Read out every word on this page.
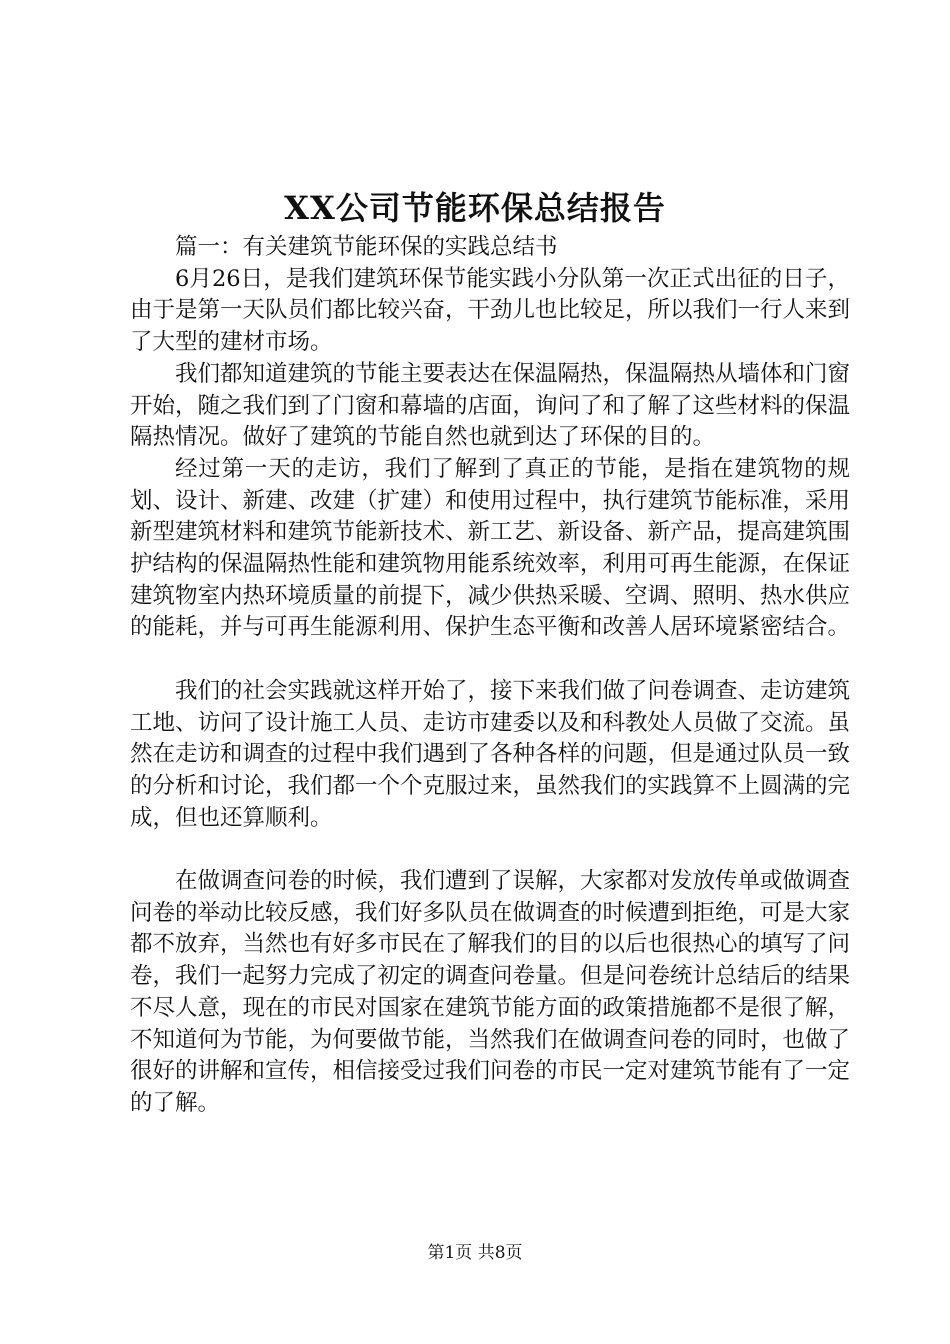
XX公司节能环保总结报告

篇一：有关建筑节能环保的实践总结书

6月26日，是我们建筑环保节能实践小分队第一次正式出征的日子，由于是第一天队员们都比较兴奋，干劲儿也比较足，所以我们一行人来到了大型的建材市场。

我们都知道建筑的节能主要表达在保温隔热，保温隔热从墙体和门窗开始，随之我们到了门窗和幕墙的店面，询问了和了解了这些材料的保温隔热情况。做好了建筑的节能自然也就到达了环保的目的。

经过第一天的走访，我们了解到了真正的节能，是指在建筑物的规划、设计、新建、改建（扩建）和使用过程中，执行建筑节能标准，采用新型建筑材料和建筑节能新技术、新工艺、新设备、新产品，提高建筑围护结构的保温隔热性能和建筑物用能系统效率，利用可再生能源，在保证建筑物室内热环境质量的前提下，减少供热采暖、空调、照明、热水供应的能耗，并与可再生能源利用、保护生态平衡和改善人居环境紧密结合。

我们的社会实践就这样开始了，接下来我们做了问卷调查、走访建筑工地、访问了设计施工人员、走访市建委以及和科教处人员做了交流。虽然在走访和调查的过程中我们遇到了各种各样的问题，但是通过队员一致的分析和讨论，我们都一个个克服过来，虽然我们的实践算不上圆满的完成，但也还算顺利。

在做调查问卷的时候，我们遭到了误解，大家都对发放传单或做调查问卷的举动比较反感，我们好多队员在做调查的时候遭到拒绝，可是大家都不放弃，当然也有好多市民在了解我们的目的以后也很热心的填写了问卷，我们一起努力完成了初定的调查问卷量。但是问卷统计总结后的结果不尽人意，现在的市民对国家在建筑节能方面的政策措施都不是很了解，不知道何为节能，为何要做节能，当然我们在做调查问卷的同时，也做了很好的讲解和宣传，相信接受过我们问卷的市民一定对建筑节能有了一定的了解。

第1页 共8页
